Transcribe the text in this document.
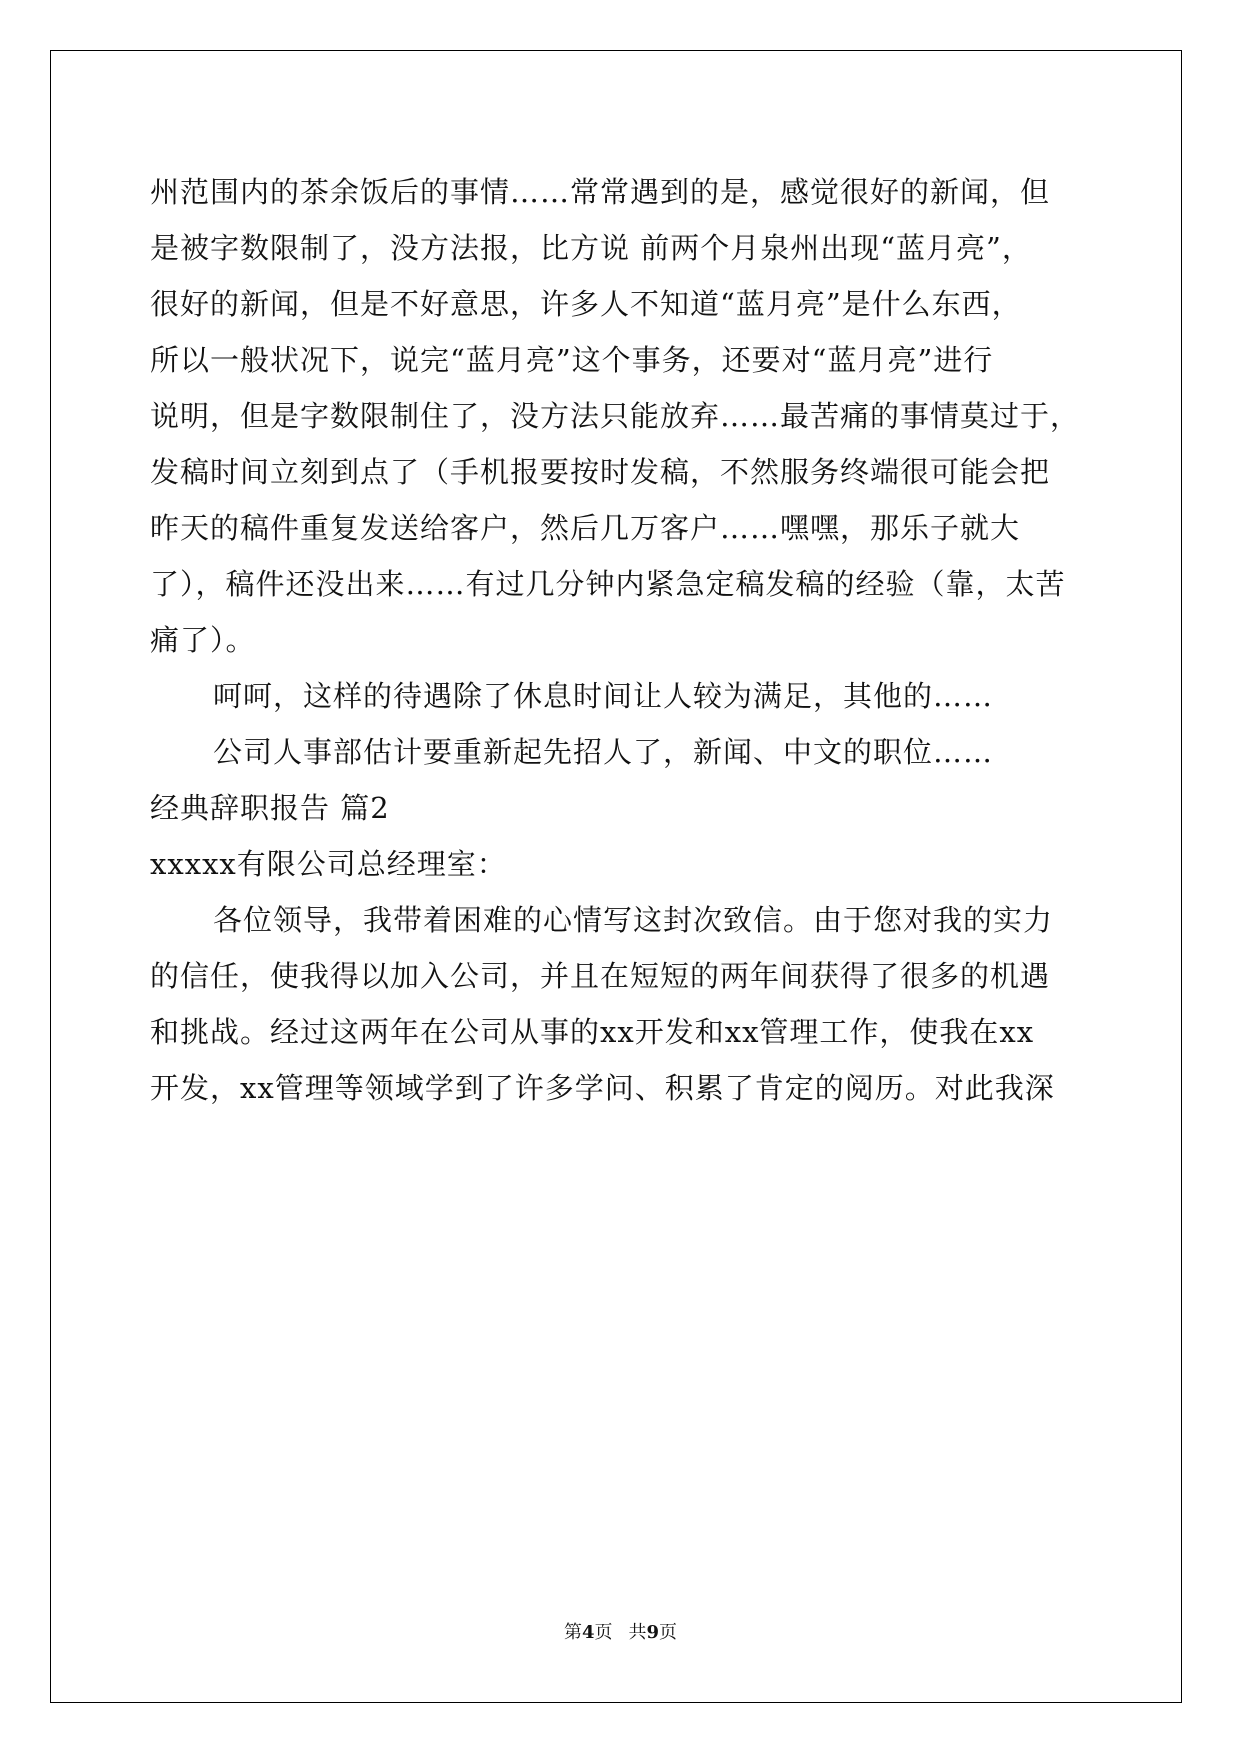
州范围内的茶余饭后的事情……常常遇到的是，感觉很好的新闻，但
是被字数限制了，没方法报，比方说 前两个月泉州出现“蓝月亮”，
很好的新闻，但是不好意思，许多人不知道“蓝月亮”是什么东西，
所以一般状况下，说完“蓝月亮”这个事务，还要对“蓝月亮”进行
说明，但是字数限制住了，没方法只能放弃……最苦痛的事情莫过于，
发稿时间立刻到点了（手机报要按时发稿，不然服务终端很可能会把
昨天的稿件重复发送给客户，然后几万客户……嘿嘿，那乐子就大
了），稿件还没出来……有过几分钟内紧急定稿发稿的经验（靠，太苦
痛了）。
呵呵，这样的待遇除了休息时间让人较为满足，其他的……
公司人事部估计要重新起先招人了，新闻、中文的职位……
经典辞职报告 篇2
xxxxx有限公司总经理室：
各位领导，我带着困难的心情写这封次致信。由于您对我的实力
的信任，使我得以加入公司，并且在短短的两年间获得了很多的机遇
和挑战。经过这两年在公司从事的xx开发和xx管理工作，使我在xx
开发，xx管理等领域学到了许多学问、积累了肯定的阅历。对此我深
第4页 共9页
